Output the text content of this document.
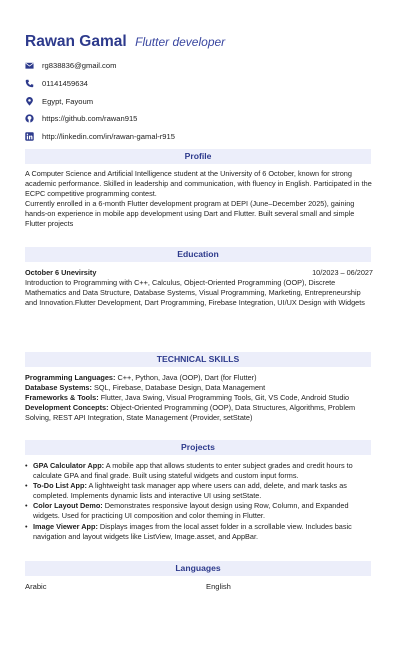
Rawan Gamal Flutter developer
rg838836@gmail.com
01141459634
Egypt, Fayoum
https://github.com/rawan915
http://linkedin.com/in/rawan-gamal-r915
Profile
A Computer Science and Artificial Intelligence student at the University of 6 October, known for strong academic performance. Skilled in leadership and communication, with fluency in English. Participated in the ECPC competitive programming contest.
Currently enrolled in a 6-month Flutter development program at DEPI (June–December 2025), gaining hands-on experience in mobile app development using Dart and Flutter. Built several small and simple Flutter projects
Education
October 6 Unevirsity	10/2023 – 06/2027
Introduction to Programming with C++, Calculus, Object-Oriented Programming (OOP), Discrete Mathematics and Data Structure, Database Systems, Visual Programming, Marketing, Entrepreneurship and Innovation.Flutter Development, Dart Programming, Firebase Integration, UI/UX Design with Widgets
TECHNICAL SKILLS
Programming Languages: C++, Python, Java (OOP), Dart (for Flutter)
Database Systems: SQL, Firebase, Database Design, Data Management
Frameworks & Tools: Flutter, Java Swing, Visual Programming Tools, Git, VS Code, Android Studio
Development Concepts: Object-Oriented Programming (OOP), Data Structures, Algorithms, Problem Solving, REST API Integration, State Management (Provider, setState)
Projects
• GPA Calculator App: A mobile app that allows students to enter subject grades and credit hours to calculate GPA and final grade. Built using stateful widgets and custom input forms.
• To-Do List App: A lightweight task manager app where users can add, delete, and mark tasks as completed. Implements dynamic lists and interactive UI using setState.
• Color Layout Demo: Demonstrates responsive layout design using Row, Column, and Expanded widgets. Used for practicing UI composition and color theming in Flutter.
• Image Viewer App: Displays images from the local asset folder in a scrollable view. Includes basic navigation and layout widgets like ListView, Image.asset, and AppBar.
Languages
Arabic	English
